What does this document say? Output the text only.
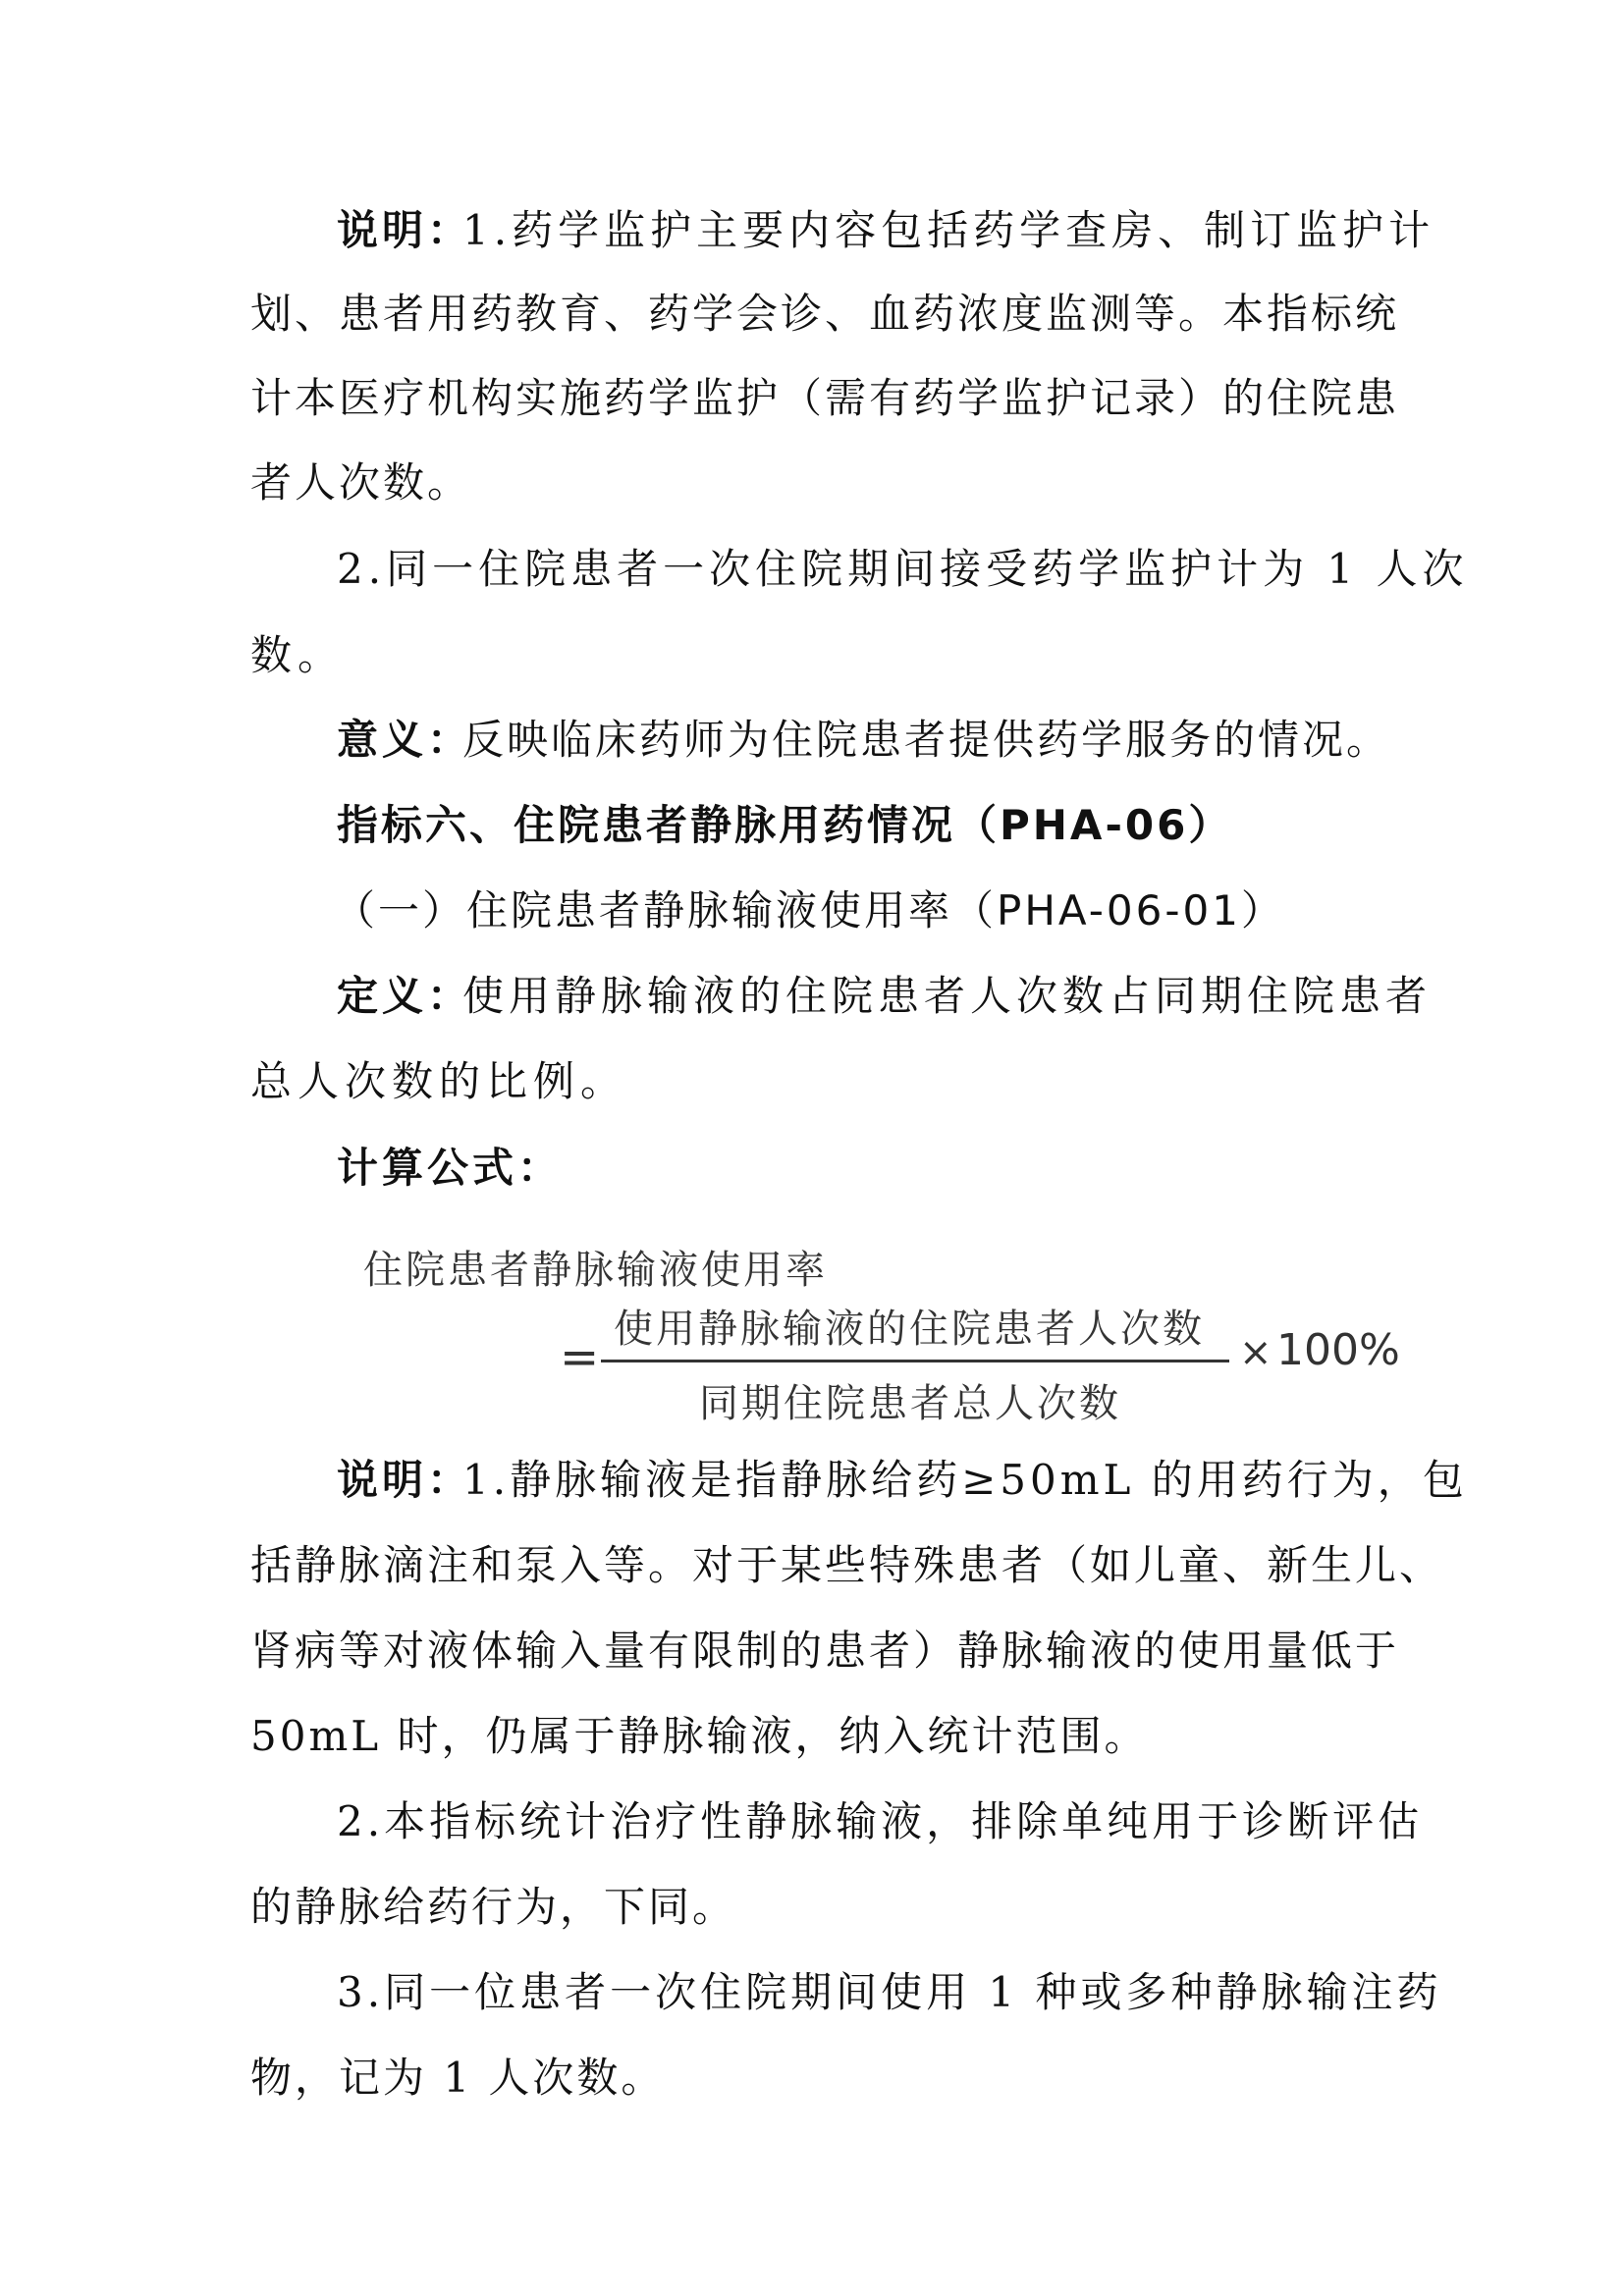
说明：
1.药学监护主要内容包括药学查房、制订监护计
划、患者用药教育、药学会诊、血药浓度监测等。本指标统
计本医疗机构实施药学监护（需有药学监护记录）的住院患
者人次数。
2.同一住院患者一次住院期间接受药学监护计为 1 人次
数。
意义：
反映临床药师为住院患者提供药学服务的情况。
指标六、住院患者静脉用药情况（PHA-06）
（一）住院患者静脉输液使用率（PHA-06-01）
定义：
使用静脉输液的住院患者人次数占同期住院患者
总人次数的比例。
计算公式：
住院患者静脉输液使用率
=
使用静脉输液的住院患者人次数
同期住院患者总人次数
× 100%
说明：
1.静脉输液是指静脉给药≥50mL 的用药行为，包
括静脉滴注和泵入等。对于某些特殊患者（如儿童、新生儿、
肾病等对液体输入量有限制的患者）静脉输液的使用量低于
50mL 时，仍属于静脉输液，纳入统计范围。
2.本指标统计治疗性静脉输液，排除单纯用于诊断评估
的静脉给药行为，下同。
3.同一位患者一次住院期间使用 1 种或多种静脉输注药
物，记为 1 人次数。
